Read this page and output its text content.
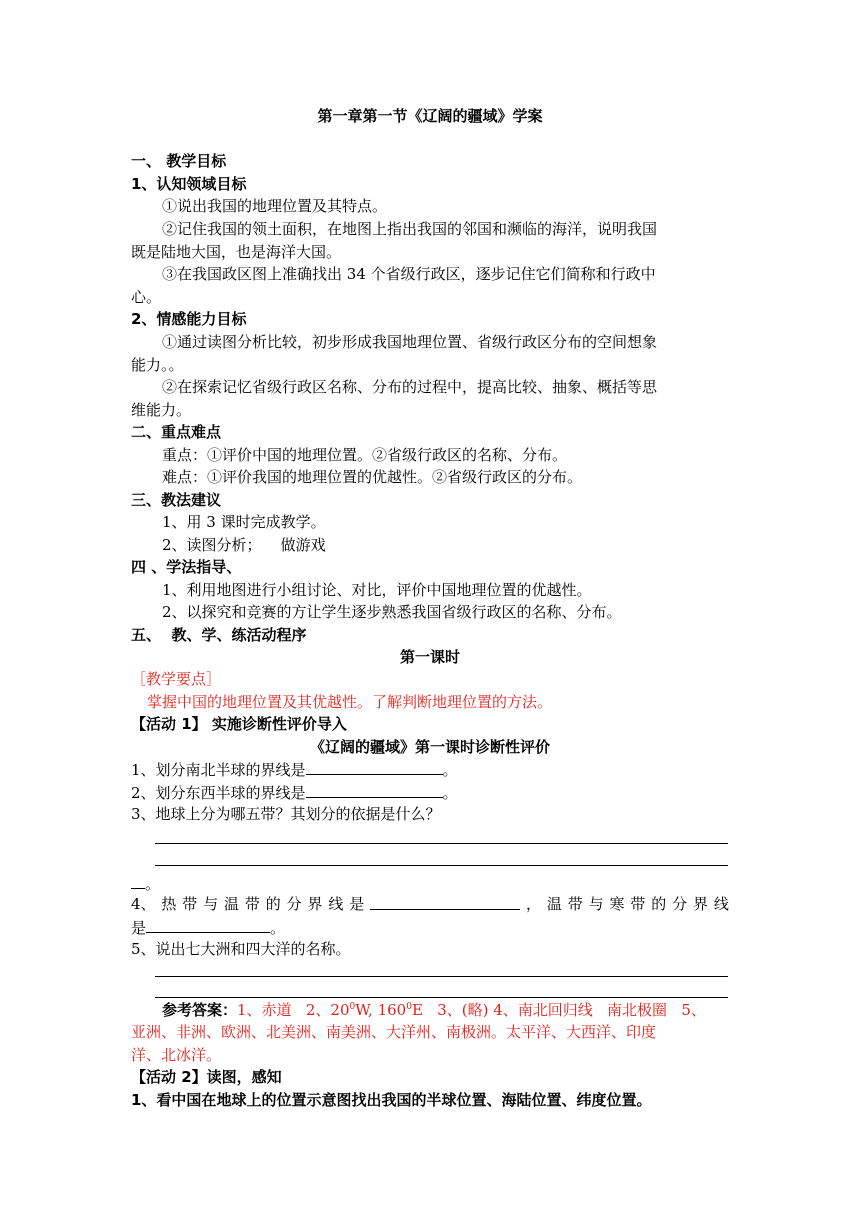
第一章第一节《辽阔的疆域》学案
一、 教学目标
1、认知领域目标
①说出我国的地理位置及其特点。
②记住我国的领土面积，在地图上指出我国的邻国和濒临的海洋，说明我国
既是陆地大国，也是海洋大国。
③在我国政区图上准确找出 34 个省级行政区，逐步记住它们简称和行政中
心。
2、情感能力目标
①通过读图分析比较，初步形成我国地理位置、省级行政区分布的空间想象
能力。。
②在探索记忆省级行政区名称、分布的过程中，提高比较、抽象、概括等思
维能力。
二、重点难点
重点：①评价中国的地理位置。②省级行政区的名称、分布。
难点：①评价我国的地理位置的优越性。②省级行政区的分布。
三、教法建议
1、用 3 课时完成教学。
2、读图分析；    做游戏
四 、学法指导、
1、利用地图进行小组讨论、对比，评价中国地理位置的优越性。
2、以探究和竞赛的方让学生逐步熟悉我国省级行政区的名称、分布。
五、  教、学、练活动程序
第一课时
［教学要点］
掌握中国的地理位置及其优越性。了解判断地理位置的方法。
【活动 1】 实施诊断性评价导入
《辽阔的疆域》第一课时诊断性评价
1、划分南北半球的界线是	。
2、划分东西半球的界线是	。
3、地球上分为哪五带？其划分的依据是什么？
。
4、 热 带 与 温 带 的 分 界 线 是	， 温 带 与 寒 带 的 分 界 线
是	。
5、说出七大洲和四大洋的名称。
参考答案：1、赤道   2、$20^0W$, $160^0E$   3、(略) 4、南北回归线   南北极圈   5、
亚洲、非洲、欧洲、北美洲、南美洲、大洋州、南极洲。太平洋、大西洋、印度
洋、北冰洋。
【活动 2】读图，感知
1、看中国在地球上的位置示意图找出我国的半球位置、海陆位置、纬度位置。
